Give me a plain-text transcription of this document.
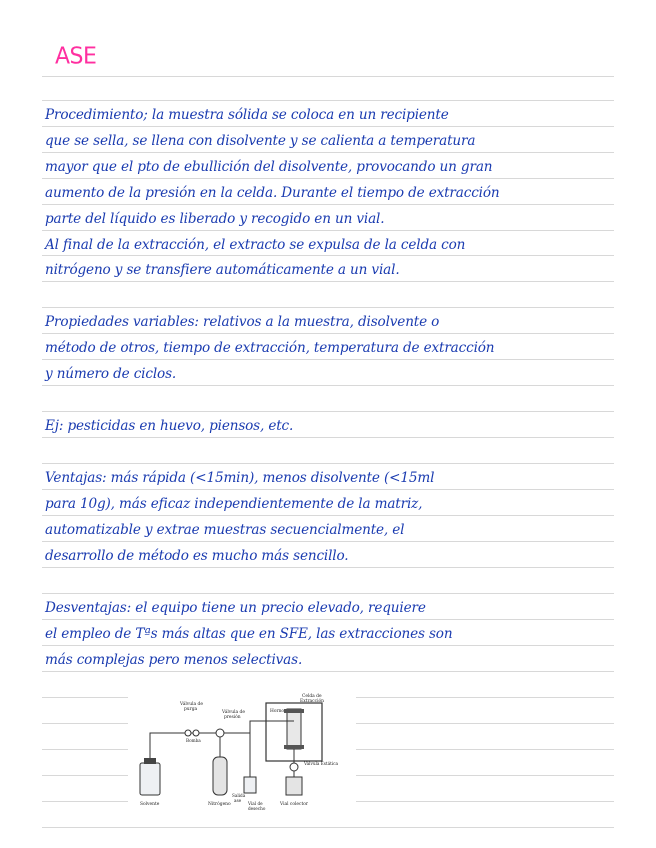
ASE
Procedimiento; la muestra sólida se coloca en un recipiente
que se sella, se llena con disolvente y se calienta a temperatura
mayor que el pto de ebullición del disolvente, provocando un gran
aumento de la presión en la celda. Durante el tiempo de extracción
parte del líquido es liberado y recogido en un vial.
Al final de la extracción, el extracto se expulsa de la celda con
nitrógeno y se transfiere automáticamente a un vial.
Propiedades variables: relativos a la muestra, disolvente o
método de otros, tiempo de extracción, temperatura de extracción
y número de ciclos.
Ej: pesticidas en huevo, piensos, etc.
Ventajas: más rápida (<15min), menos disolvente (<15ml
para 10g), más eficaz independientemente de la matriz,
automatizable y extrae muestras secuencialmente, el
desarrollo de método es mucho más sencillo.
Desventajas: el equipo tiene un precio elevado, requiere
el empleo de Tªs más altas que en SFE, las extracciones son
más complejas pero menos selectivas.
Válvula de purga
Válvula de presión
Celda de Extracción
Horno
Bomba
Válvula Estática
Solvente	Nitrógeno
Salida ase
Vial de desecho
Vial colector
